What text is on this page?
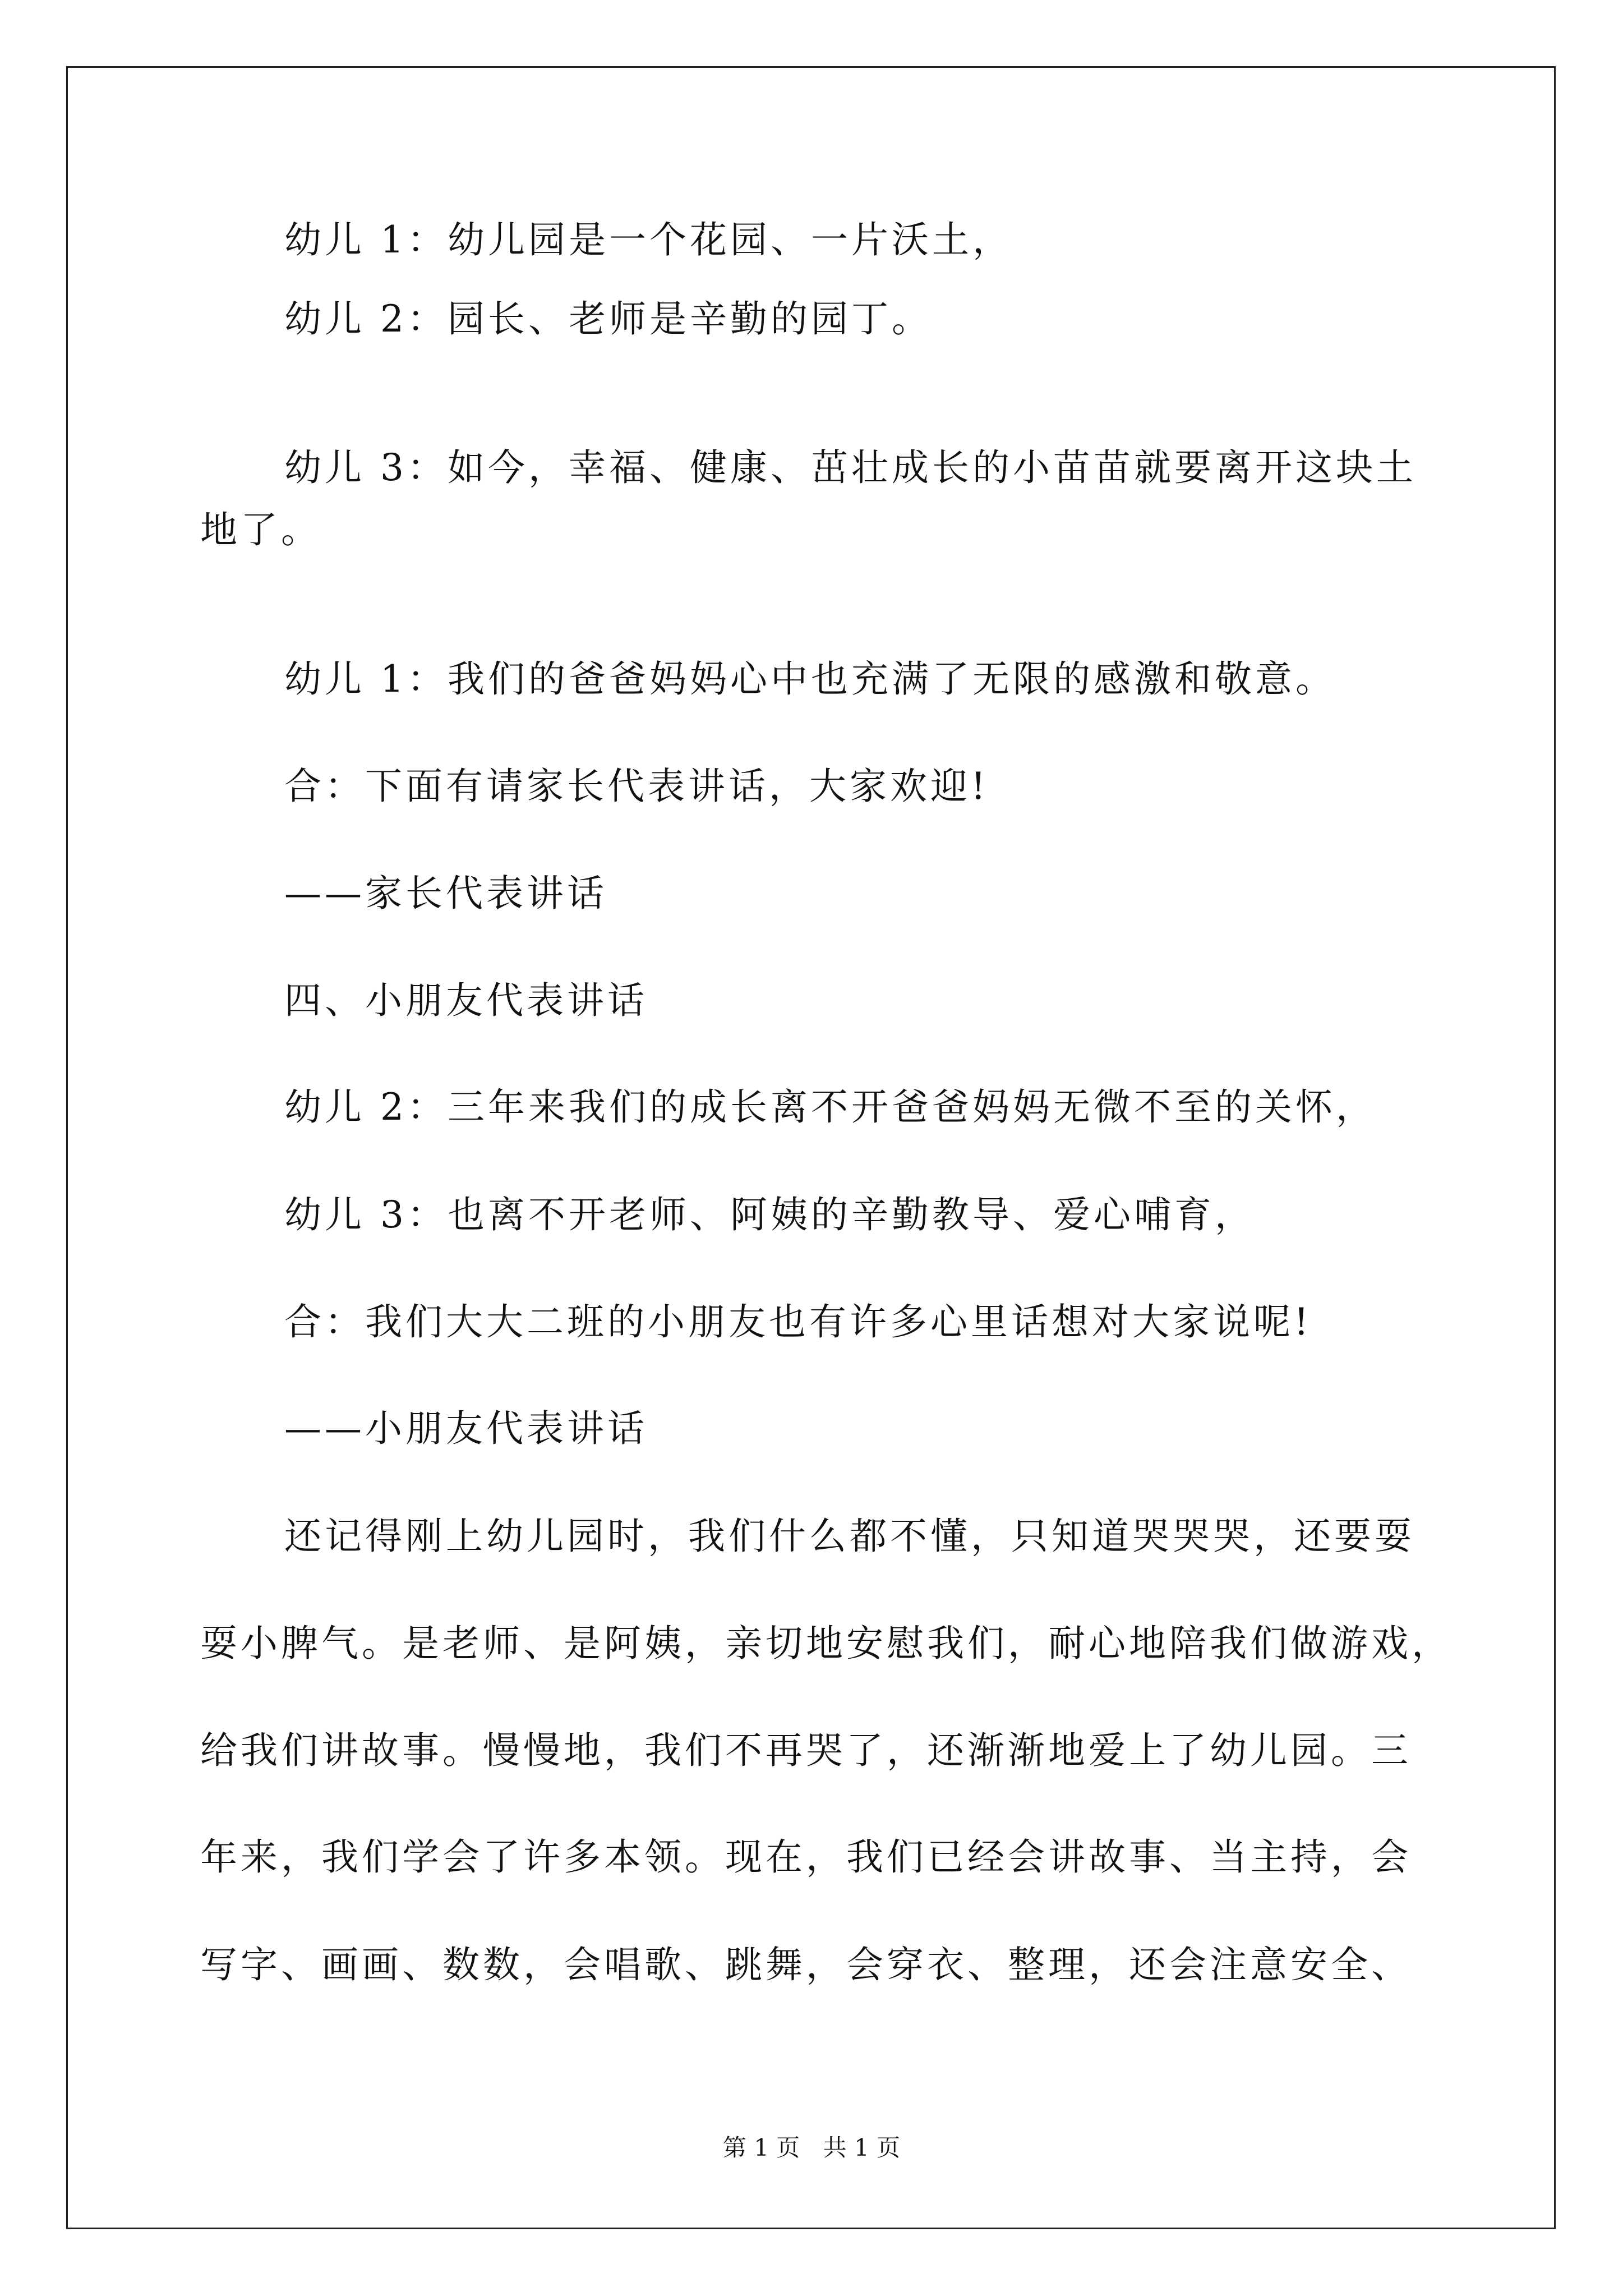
幼儿 1：幼儿园是一个花园、一片沃土，
幼儿 2：园长、老师是辛勤的园丁。
幼儿 3：如今，幸福、健康、茁壮成长的小苗苗就要离开这块土
地了。
幼儿 1：我们的爸爸妈妈心中也充满了无限的感激和敬意。
合：下面有请家长代表讲话，大家欢迎!
——家长代表讲话
四、小朋友代表讲话
幼儿 2：三年来我们的成长离不开爸爸妈妈无微不至的关怀，
幼儿 3：也离不开老师、阿姨的辛勤教导、爱心哺育，
合：我们大大二班的小朋友也有许多心里话想对大家说呢!
——小朋友代表讲话
还记得刚上幼儿园时，我们什么都不懂，只知道哭哭哭，还要耍
耍小脾气。是老师、是阿姨，亲切地安慰我们，耐心地陪我们做游戏，
给我们讲故事。慢慢地，我们不再哭了，还渐渐地爱上了幼儿园。三
年来，我们学会了许多本领。现在，我们已经会讲故事、当主持，会
写字、画画、数数，会唱歌、跳舞，会穿衣、整理，还会注意安全、
第 1 页 共 1 页
